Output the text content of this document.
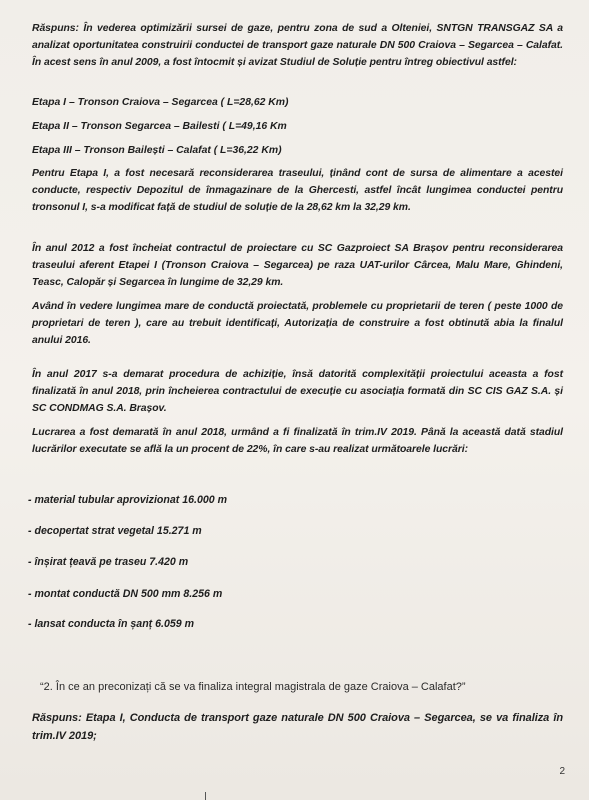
Răspuns: În vederea optimizării sursei de gaze, pentru zona de sud a Olteniei, SNTGN TRANSGAZ SA a analizat oportunitatea construirii conductei de transport gaze naturale DN 500 Craiova – Segarcea – Calafat. În acest sens în anul 2009, a fost întocmit și avizat Studiul de Soluție pentru întreg obiectivul astfel:
Etapa I – Tronson Craiova – Segarcea ( L=28,62 Km)
Etapa II – Tronson Segarcea – Bailesti ( L=49,16 Km
Etapa III – Tronson Bailești – Calafat ( L=36,22 Km)
Pentru Etapa I, a fost necesară reconsiderarea traseului, ținând cont de sursa de alimentare a acestei conducte, respectiv Depozitul de înmagazinare de la Ghercesti, astfel încât lungimea conductei pentru tronsonul I, s-a modificat față de studiul de soluție de la 28,62 km la 32,29 km.
În anul 2012 a fost încheiat contractul de proiectare cu SC Gazproiect SA Brașov pentru reconsiderarea traseului aferent Etapei I (Tronson Craiova – Segarcea) pe raza UAT-urilor Cârcea, Malu Mare, Ghindeni, Teasc, Calopăr și Segarcea în lungime de 32,29 km.
Având în vedere lungimea mare de conductă proiectată, problemele cu proprietarii de teren ( peste 1000 de proprietari de teren ), care au trebuit identificați, Autorizația de construire a fost obtinută abia la finalul anului 2016.
În anul 2017 s-a demarat procedura de achiziție, însă datorită complexității proiectului aceasta a fost finalizată în anul 2018, prin încheierea contractului de execuție cu asociația formată din SC CIS GAZ S.A. și SC CONDMAG S.A. Brașov.
Lucrarea a fost demarată în anul 2018, urmând a fi finalizată în trim.IV 2019. Până la această dată stadiul lucrărilor executate se află la un procent de 22%, în care s-au realizat următoarele lucrări:
- material tubular aprovizionat 16.000 m
- decopertat strat vegetal 15.271 m
- înșirat țeavă pe traseu 7.420 m
- montat conductă DN 500 mm 8.256 m
- lansat conducta în șanț 6.059 m
“2. În ce an preconizați că se va finaliza integral magistrala de gaze Craiova – Calafat?”
Răspuns: Etapa I, Conducta de transport gaze naturale DN 500 Craiova – Segarcea, se va finaliza în trim.IV 2019;
2
